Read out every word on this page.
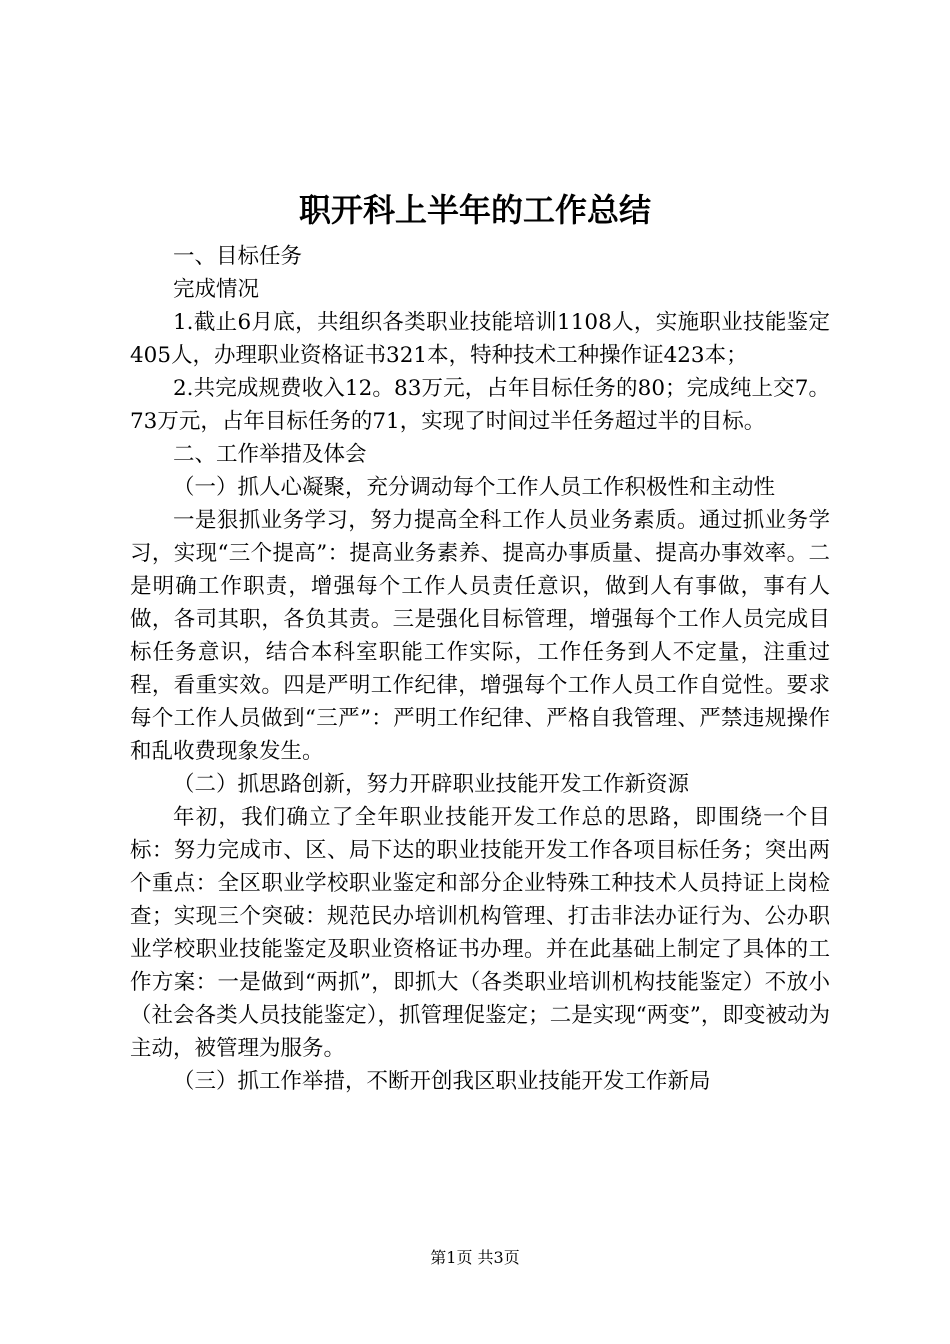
职开科上半年的工作总结

一、目标任务

完成情况

1.截止6月底，共组织各类职业技能培训1108人，实施职业技能鉴定405人，办理职业资格证书321本，特种技术工种操作证423本；

2.共完成规费收入12。83万元，占年目标任务的80；完成纯上交7。73万元，占年目标任务的71，实现了时间过半任务超过半的目标。

二、工作举措及体会

（一）抓人心凝聚，充分调动每个工作人员工作积极性和主动性

一是狠抓业务学习，努力提高全科工作人员业务素质。通过抓业务学习，实现“三个提高”：提高业务素养、提高办事质量、提高办事效率。二是明确工作职责，增强每个工作人员责任意识，做到人有事做，事有人做，各司其职，各负其责。三是强化目标管理，增强每个工作人员完成目标任务意识，结合本科室职能工作实际，工作任务到人不定量，注重过程，看重实效。四是严明工作纪律，增强每个工作人员工作自觉性。要求每个工作人员做到“三严”：严明工作纪律、严格自我管理、严禁违规操作和乱收费现象发生。

（二）抓思路创新，努力开辟职业技能开发工作新资源

年初，我们确立了全年职业技能开发工作总的思路，即围绕一个目标：努力完成市、区、局下达的职业技能开发工作各项目标任务；突出两个重点：全区职业学校职业鉴定和部分企业特殊工种技术人员持证上岗检查；实现三个突破：规范民办培训机构管理、打击非法办证行为、公办职业学校职业技能鉴定及职业资格证书办理。并在此基础上制定了具体的工作方案：一是做到“两抓”，即抓大（各类职业培训机构技能鉴定）不放小（社会各类人员技能鉴定），抓管理促鉴定；二是实现“两变”，即变被动为主动，被管理为服务。

（三）抓工作举措，不断开创我区职业技能开发工作新局

第1页 共3页
